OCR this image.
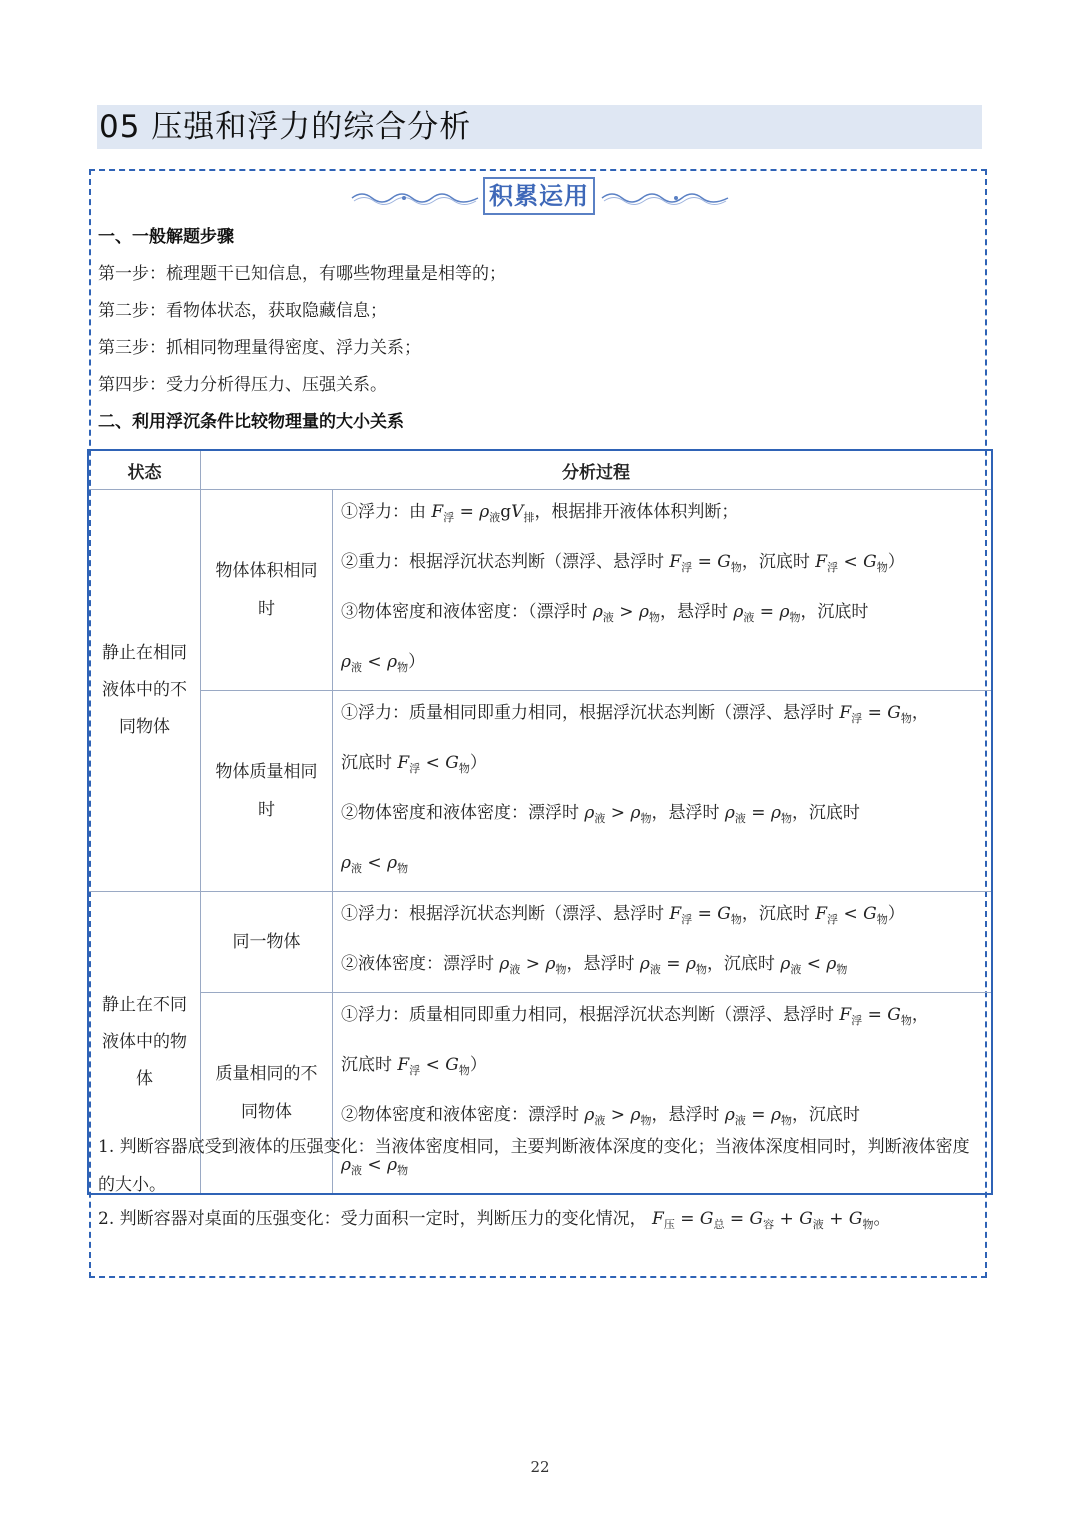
05 压强和浮力的综合分析
积累运用
一、一般解题步骤
第一步：梳理题干已知信息，有哪些物理量是相等的；
第二步：看物体状态，获取隐藏信息；
第三步：抓相同物理量得密度、浮力关系；
第四步：受力分析得压力、压强关系。
二、利用浮沉条件比较物理量的大小关系
状态	分析过程	
静止在相同液体中的不同物体	物体体积相同时	①浮力：由 $F_浮 = \rho_液gV_排$，根据排开液体体积判断；
②重力：根据浮沉状态判断（漂浮、悬浮时 $F_浮 = G_物$，沉底时 $F_浮 < G_物$）
③物体密度和液体密度：（漂浮时 $\rho_液 > \rho_物$，悬浮时 $\rho_液 = \rho_物$，沉底时
$\rho_液 < \rho_物$）

	物体质量相同时	①浮力：质量相同即重力相同，根据浮沉状态判断（漂浮、悬浮时 $F_浮 = G_物$，
沉底时 $F_浮 < G_物$）
②物体密度和液体密度：漂浮时 $\rho_液 > \rho_物$，悬浮时 $\rho_液 = \rho_物$，沉底时
$\rho_液 < \rho_物$

静止在不同液体中的物体	同一物体	①浮力：根据浮沉状态判断（漂浮、悬浮时 $F_浮 = G_物$，沉底时 $F_浮 < G_物$）
②液体密度：漂浮时 $\rho_液 > \rho_物$，悬浮时 $\rho_液 = \rho_物$，沉底时 $\rho_液 < \rho_物$

	质量相同的不同物体	①浮力：质量相同即重力相同，根据浮沉状态判断（漂浮、悬浮时 $F_浮 = G_物$，
沉底时 $F_浮 < G_物$）
②物体密度和液体密度：漂浮时 $\rho_液 > \rho_物$，悬浮时 $\rho_液 = \rho_物$，沉底时
$\rho_液 < \rho_物$
1. 判断容器底受到液体的压强变化：当液体密度相同，主要判断液体深度的变化；当液体深度相同时，判断液体密度的大小。
2. 判断容器对桌面的压强变化：受力面积一定时，判断压力的变化情况， $F_压 = G_总 = G_容 + G_液 + G_物$。
22
